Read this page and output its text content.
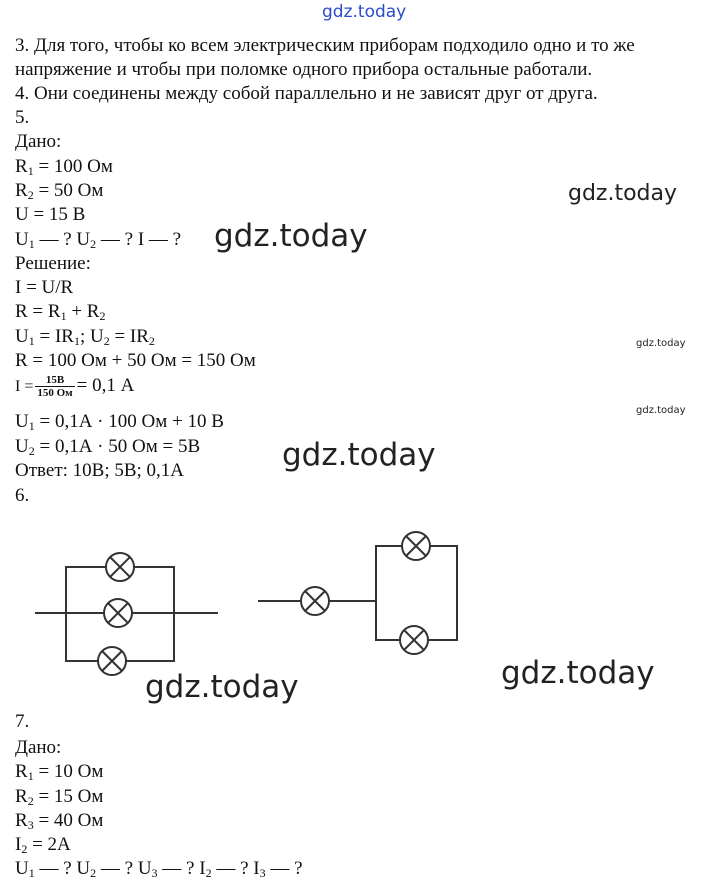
gdz.today
gdz.today
gdz.today
gdz.today
gdz.today
gdz.today
gdz.today	gdz.today
3. Для того, чтобы ко всем электрическим приборам подходило одно и то же
напряжение и чтобы при поломке одного прибора остальные работали.
4. Они соединены между собой параллельно и не зависят друг от друга.
5.
Дано:
$R_1 = 100$ Ом
$R_2 = 50$ Ом
U = 15 В
$U_1$ — ? $U_2$ — ? I — ?
Решение:
I = U/R
$R = R_1 + R_2$
$U_1 = IR_1$; $U_2 = IR_2$
R = 100 Ом + 50 Ом = 150 Ом
$I = \frac{15В}{150 Ом} = 0,1$ А
$U_1 = 0,1А \cdot 100$ Ом + 10 В
$U_2 = 0,1А \cdot 50$ Ом = 5В
Ответ: 10В; 5В; 0,1А
6.
7.
Дано:
$R_1 = 10$ Ом
$R_2 = 15$ Ом
$R_3 = 40$ Ом
$I_2 = 2А$
$U_1$ — ? $U_2$ — ? $U_3$ — ? $I_2$ — ? $I_3$ — ?
